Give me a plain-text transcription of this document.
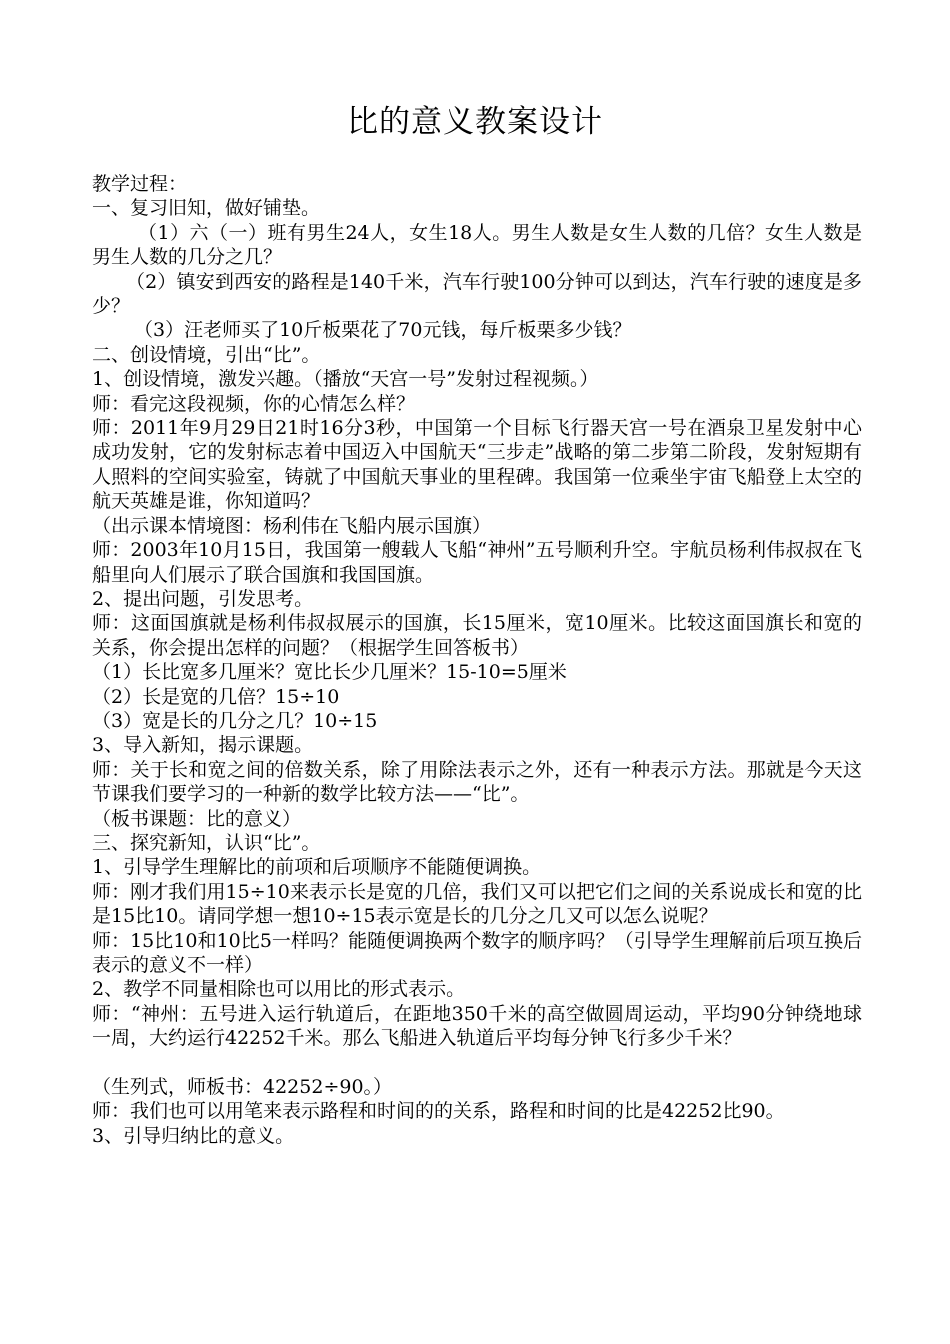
比的意义教案设计

教学过程：

一、复习旧知，做好铺垫。

（1）六（一）班有男生24人，女生18人。男生人数是女生人数的几倍？女生人数是男生人数的几分之几？

（2）镇安到西安的路程是140千米，汽车行驶100分钟可以到达，汽车行驶的速度是多少？

（3）汪老师买了10斤板栗花了70元钱，每斤板栗多少钱？

二、创设情境，引出“比”。

1、创设情境，激发兴趣。（播放“天宫一号”发射过程视频。）

师：看完这段视频，你的心情怎么样？

师：2011年9月29日21时16分3秒，中国第一个目标飞行器天宫一号在酒泉卫星发射中心成功发射，它的发射标志着中国迈入中国航天“三步走”战略的第二步第二阶段，发射短期有人照料的空间实验室，铸就了中国航天事业的里程碑。我国第一位乘坐宇宙飞船登上太空的航天英雄是谁，你知道吗？

（出示课本情境图：杨利伟在飞船内展示国旗）

师：2003年10月15日，我国第一艘载人飞船“神州”五号顺利升空。宇航员杨利伟叔叔在飞船里向人们展示了联合国旗和我国国旗。

2、提出问题，引发思考。

师：这面国旗就是杨利伟叔叔展示的国旗，长15厘米，宽10厘米。比较这面国旗长和宽的关系，你会提出怎样的问题？（根据学生回答板书）

（1）长比宽多几厘米？宽比长少几厘米？15-10=5厘米

（2）长是宽的几倍？15÷10

（3）宽是长的几分之几？10÷15

3、导入新知，揭示课题。

师：关于长和宽之间的倍数关系，除了用除法表示之外，还有一种表示方法。那就是今天这节课我们要学习的一种新的数学比较方法——“比”。

（板书课题：比的意义）

三、探究新知，认识“比”。

1、引导学生理解比的前项和后项顺序不能随便调换。

师：刚才我们用15÷10来表示长是宽的几倍，我们又可以把它们之间的关系说成长和宽的比是15比10。请同学想一想10÷15表示宽是长的几分之几又可以怎么说呢？

师：15比10和10比5一样吗？能随便调换两个数字的顺序吗？（引导学生理解前后项互换后表示的意义不一样）

2、教学不同量相除也可以用比的形式表示。

师：“神州：五号进入运行轨道后，在距地350千米的高空做圆周运动，平均90分钟绕地球一周，大约运行42252千米。那么飞船进入轨道后平均每分钟飞行多少千米？

（生列式，师板书：42252÷90。）

师：我们也可以用笔来表示路程和时间的的关系，路程和时间的比是42252比90。

3、引导归纳比的意义。
